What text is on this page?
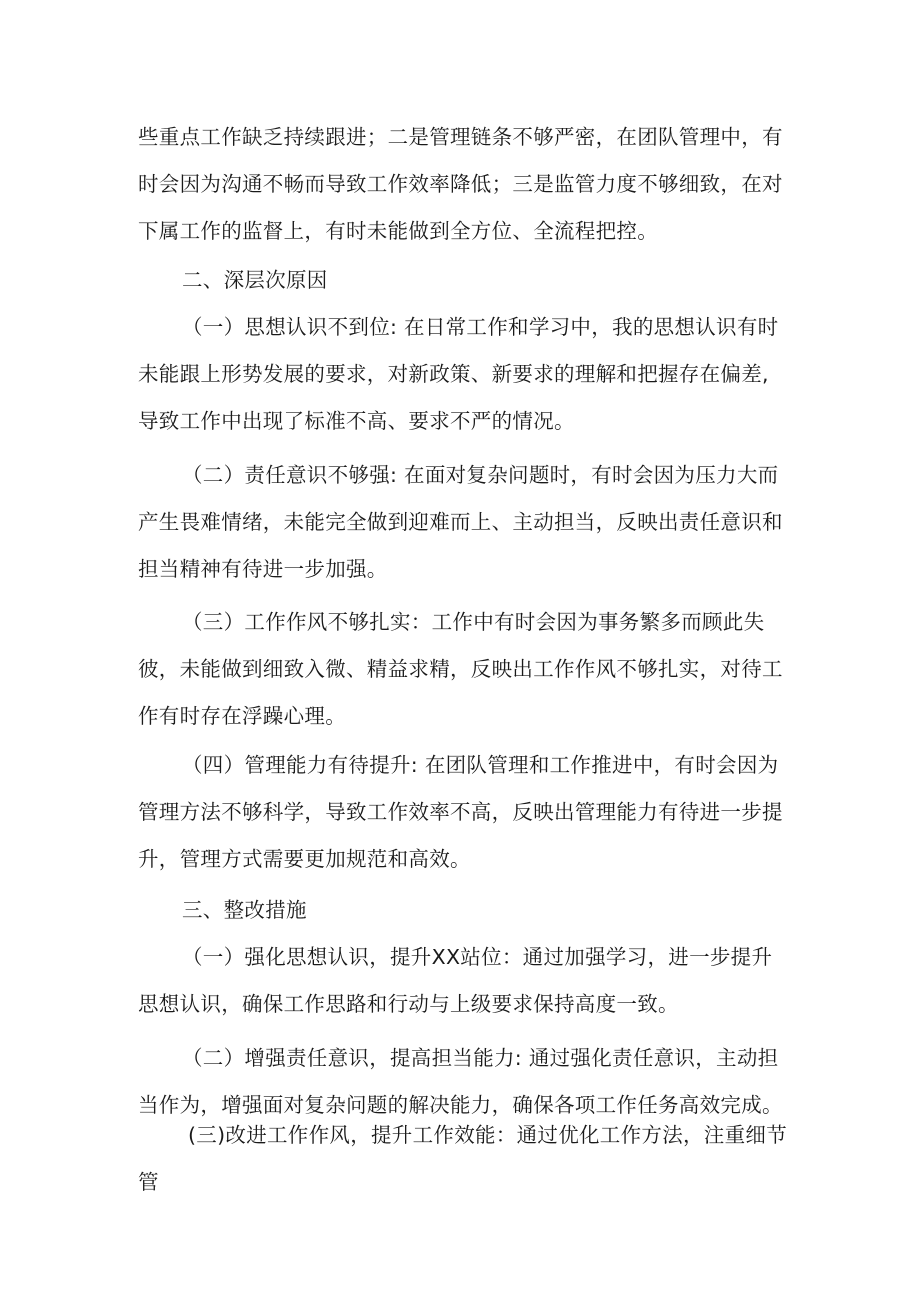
些重点工作缺乏持续跟进；二是管理链条不够严密，在团队管理中，有时会因为沟通不畅而导致工作效率降低；三是监管力度不够细致，在对下属工作的监督上，有时未能做到全方位、全流程把控。

二、深层次原因

（一）思想认识不到位: 在日常工作和学习中，我的思想认识有时未能跟上形势发展的要求，对新政策、新要求的理解和把握存在偏差, 导致工作中出现了标准不高、要求不严的情况。

（二）责任意识不够强: 在面对复杂问题时，有时会因为压力大而产生畏难情绪，未能完全做到迎难而上、主动担当，反映出责任意识和担当精神有待进一步加强。

（三）工作作风不够扎实：工作中有时会因为事务繁多而顾此失彼，未能做到细致入微、精益求精，反映出工作作风不够扎实，对待工作有时存在浮躁心理。

（四）管理能力有待提升: 在团队管理和工作推进中，有时会因为管理方法不够科学，导致工作效率不高，反映出管理能力有待进一步提升，管理方式需要更加规范和高效。

三、整改措施

（一）强化思想认识，提升XX站位：通过加强学习，进一步提升思想认识，确保工作思路和行动与上级要求保持高度一致。

（二）增强责任意识，提高担当能力: 通过强化责任意识，主动担当作为，增强面对复杂问题的解决能力，确保各项工作任务高效完成。

(三)改进工作作风，提升工作效能：通过优化工作方法，注重细节管
